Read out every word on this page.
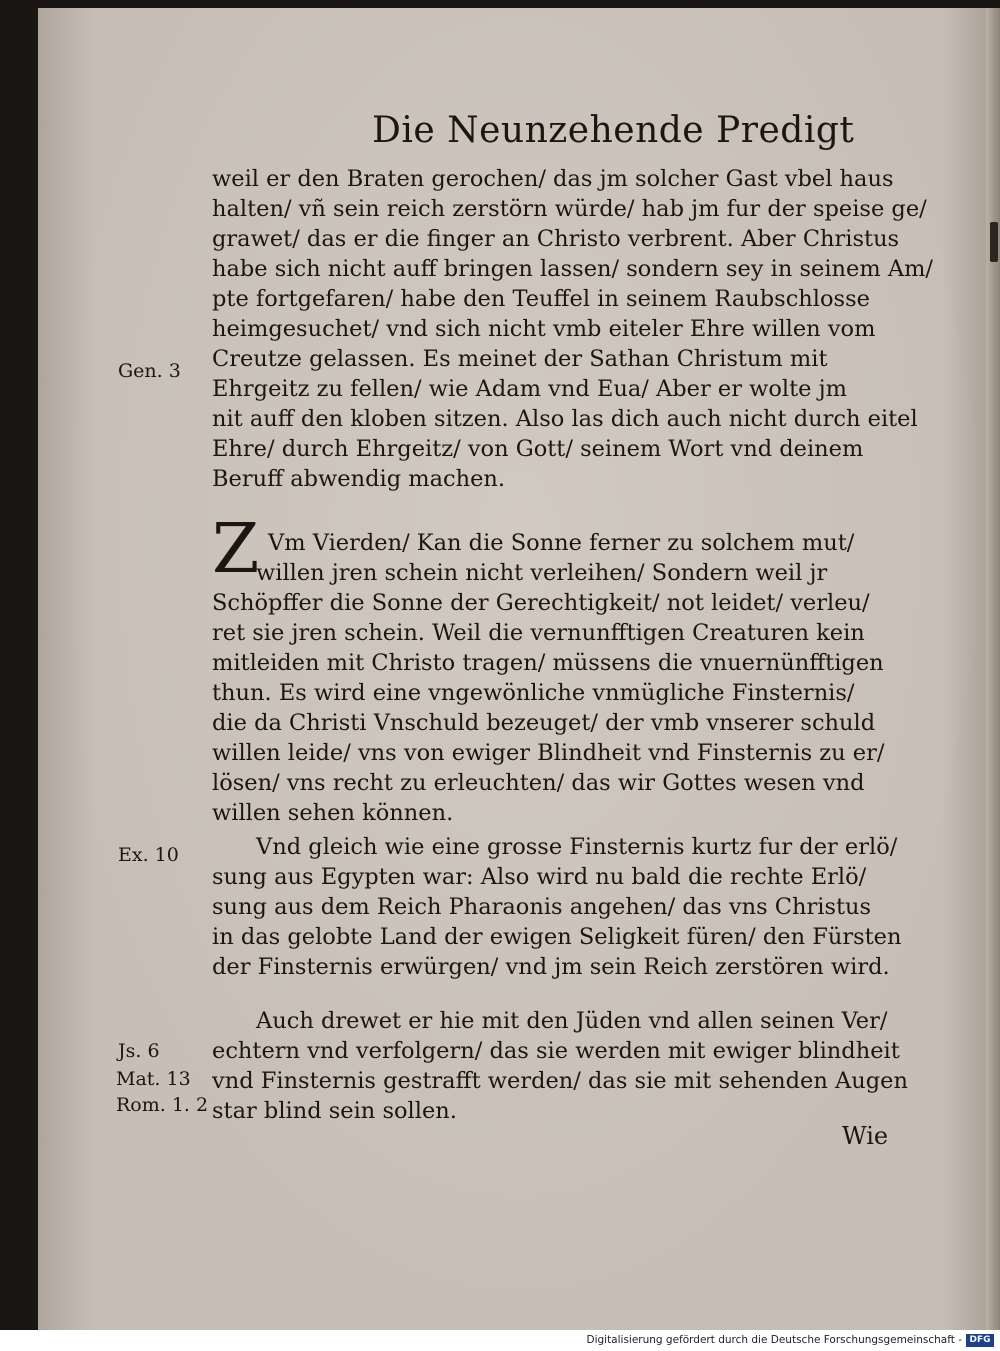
Die Neunzehende Predigt
weil er den Braten gerochen/ das jm solcher Gast vbel haus
halten/ vñ sein reich zerstörn würde/ hab jm fur der speise ge/
grawet/ das er die finger an Christo verbrent. Aber Christus
habe sich nicht auff bringen lassen/ sondern sey in seinem Am/
pte fortgefaren/ habe den Teuffel in seinem Raubschlosse
heimgesuchet/ vnd sich nicht vmb eiteler Ehre willen vom
Creutze gelassen. Es meinet der Sathan Christum mit
Ehrgeitz zu fellen/ wie Adam vnd Eua/ Aber er wolte jm
nit auff den kloben sitzen. Also las dich auch nicht durch eitel
Ehre/ durch Ehrgeitz/ von Gott/ seinem Wort vnd deinem
Beruff abwendig machen.
Gen. 3
Z Vm Vierden/ Kan die Sonne ferner zu solchem mut/
willen jren schein nicht verleihen/ Sondern weil jr
Schöpffer die Sonne der Gerechtigkeit/ not leidet/ verleu/
ret sie jren schein. Weil die vernunfftigen Creaturen kein
mitleiden mit Christo tragen/ müssens die vnuernünfftigen
thun. Es wird eine vngewönliche vnmügliche Finsternis/
die da Christi Vnschuld bezeuget/ der vmb vnserer schuld
willen leide/ vns von ewiger Blindheit vnd Finsternis zu er/
lösen/ vns recht zu erleuchten/ das wir Gottes wesen vnd
willen sehen können.
Ex. 10	Vnd gleich wie eine grosse Finsternis kurtz fur der erlö/
sung aus Egypten war: Also wird nu bald die rechte Erlö/
sung aus dem Reich Pharaonis angehen/ das vns Christus
in das gelobte Land der ewigen Seligkeit füren/ den Fürsten
der Finsternis erwürgen/ vnd jm sein Reich zerstören wird.
Auch drewet er hie mit den Jüden vnd allen seinen Ver/
echtern vnd verfolgern/ das sie werden mit ewiger blindheit
vnd Finsternis gestrafft werden/ das sie mit sehenden Augen
star blind sein sollen.
Js. 6
Mat. 13
Rom. 1. 2
Wie
Digitalisierung gefördert durch die Deutsche Forschungsgemeinschaft - DFG
